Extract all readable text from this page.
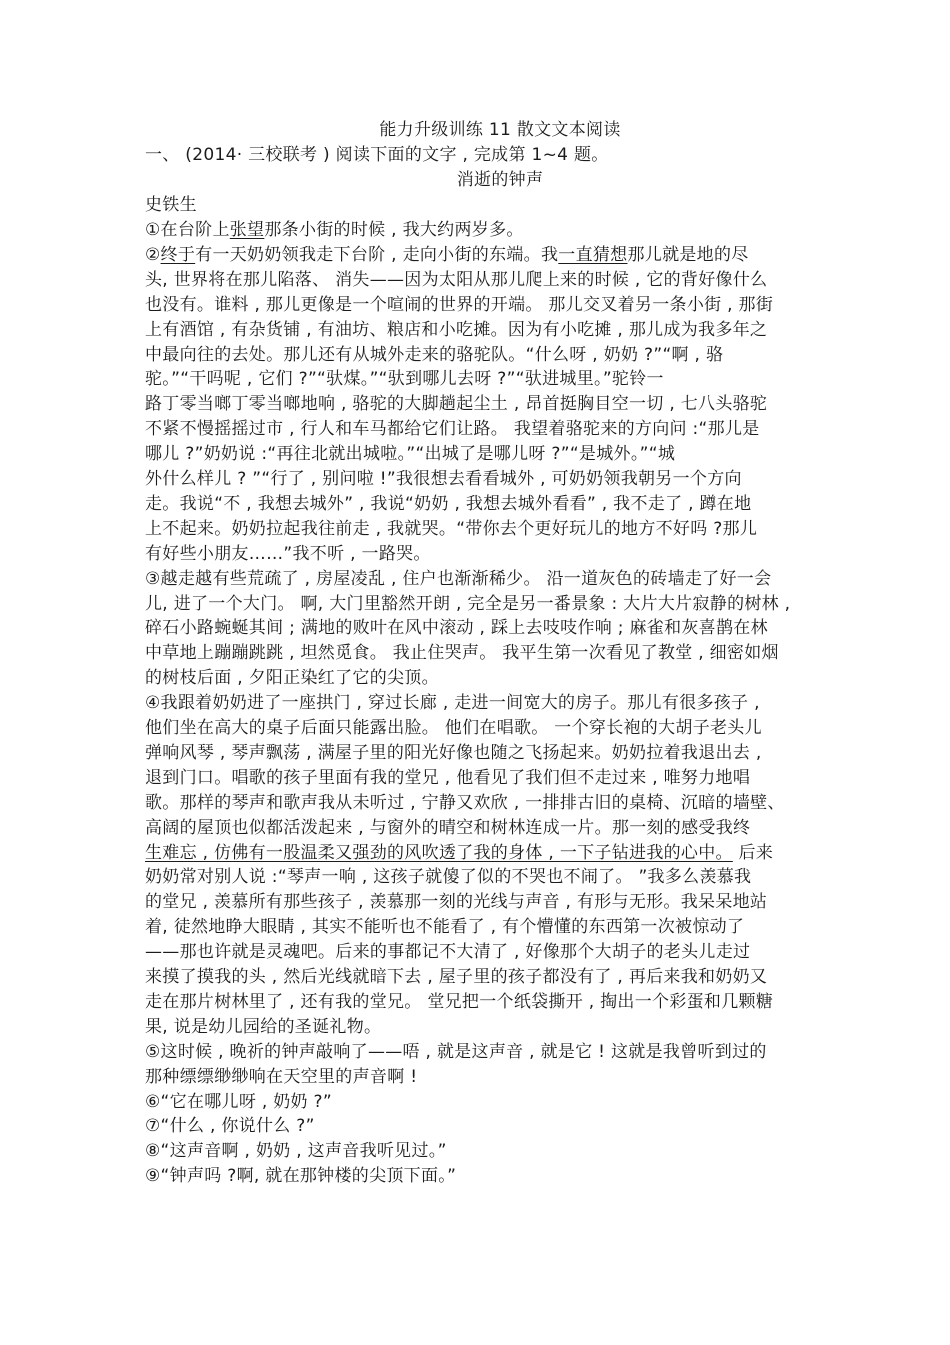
能力升级训练 11 散文文本阅读
一、 (2014· 三校联考 ) 阅读下面的文字 , 完成第 1~4 题。
消逝的钟声
史铁生
①在台阶上张望那条小街的时候 , 我大约两岁多。
②终于有一天奶奶领我走下台阶 , 走向小街的东端。我一直猜想那儿就是地的尽
头, 世界将在那儿陷落、 消失——因为太阳从那儿爬上来的时候 , 它的背好像什么
也没有。谁料 , 那儿更像是一个喧闹的世界的开端。 那儿交叉着另一条小街 , 那街
上有酒馆 , 有杂货铺 , 有油坊、粮店和小吃摊。因为有小吃摊 , 那儿成为我多年之
中最向往的去处。那儿还有从城外走来的骆驼队。“什么呀 , 奶奶 ?”“啊 , 骆
驼。”“干吗呢 , 它们 ?”“驮煤。”“驮到哪儿去呀 ?”“驮进城里。”驼铃一
路丁零当啷丁零当啷地响 , 骆驼的大脚趟起尘土 , 昂首挺胸目空一切 , 七八头骆驼
不紧不慢摇摇过市 , 行人和车马都给它们让路。 我望着骆驼来的方向问 :“那儿是
哪儿 ?”奶奶说 :“再往北就出城啦。”“出城了是哪儿呀 ?”“是城外。”“城
外什么样儿 ? ”“行了 , 别问啦 !”我很想去看看城外 , 可奶奶领我朝另一个方向
走。我说“不 , 我想去城外” , 我说“奶奶 , 我想去城外看看” , 我不走了 , 蹲在地
上不起来。奶奶拉起我往前走 , 我就哭。“带你去个更好玩儿的地方不好吗 ?那儿
有好些小朋友……”我不听 , 一路哭。
③越走越有些荒疏了 , 房屋凌乱 , 住户也渐渐稀少。 沿一道灰色的砖墙走了好一会
儿, 进了一个大门。 啊, 大门里豁然开朗 , 完全是另一番景象 : 大片大片寂静的树林 ,
碎石小路蜿蜒其间 ; 满地的败叶在风中滚动 , 踩上去吱吱作响 ; 麻雀和灰喜鹊在林
中草地上蹦蹦跳跳 , 坦然觅食。 我止住哭声。 我平生第一次看见了教堂 , 细密如烟
的树枝后面 , 夕阳正染红了它的尖顶。
④我跟着奶奶进了一座拱门 , 穿过长廊 , 走进一间宽大的房子。那儿有很多孩子 ,
他们坐在高大的桌子后面只能露出脸。 他们在唱歌。 一个穿长袍的大胡子老头儿
弹响风琴 , 琴声飘荡 , 满屋子里的阳光好像也随之飞扬起来。奶奶拉着我退出去 ,
退到门口。唱歌的孩子里面有我的堂兄 , 他看见了我们但不走过来 , 唯努力地唱
歌。那样的琴声和歌声我从未听过 , 宁静又欢欣 , 一排排古旧的桌椅、沉暗的墙壁、
高阔的屋顶也似都活泼起来 , 与窗外的晴空和树林连成一片。那一刻的感受我终
生难忘 , 仿佛有一股温柔又强劲的风吹透了我的身体 , 一下子钻进我的心中。 后来
奶奶常对别人说 :“琴声一响 , 这孩子就傻了似的不哭也不闹了。 ”我多么羡慕我
的堂兄 , 羡慕所有那些孩子 , 羡慕那一刻的光线与声音 , 有形与无形。我呆呆地站
着, 徒然地睁大眼睛 , 其实不能听也不能看了 , 有个懵懂的东西第一次被惊动了
——那也许就是灵魂吧。后来的事都记不大清了 , 好像那个大胡子的老头儿走过
来摸了摸我的头 , 然后光线就暗下去 , 屋子里的孩子都没有了 , 再后来我和奶奶又
走在那片树林里了 , 还有我的堂兄。 堂兄把一个纸袋撕开 , 掏出一个彩蛋和几颗糖
果, 说是幼儿园给的圣诞礼物。
⑤这时候 , 晚祈的钟声敲响了——唔 , 就是这声音 , 就是它 ! 这就是我曾听到过的
那种缥缥缈缈响在天空里的声音啊 !
⑥“它在哪儿呀 , 奶奶 ?”
⑦“什么 , 你说什么 ?”
⑧“这声音啊 , 奶奶 , 这声音我听见过。”
⑨“钟声吗 ?啊, 就在那钟楼的尖顶下面。”
